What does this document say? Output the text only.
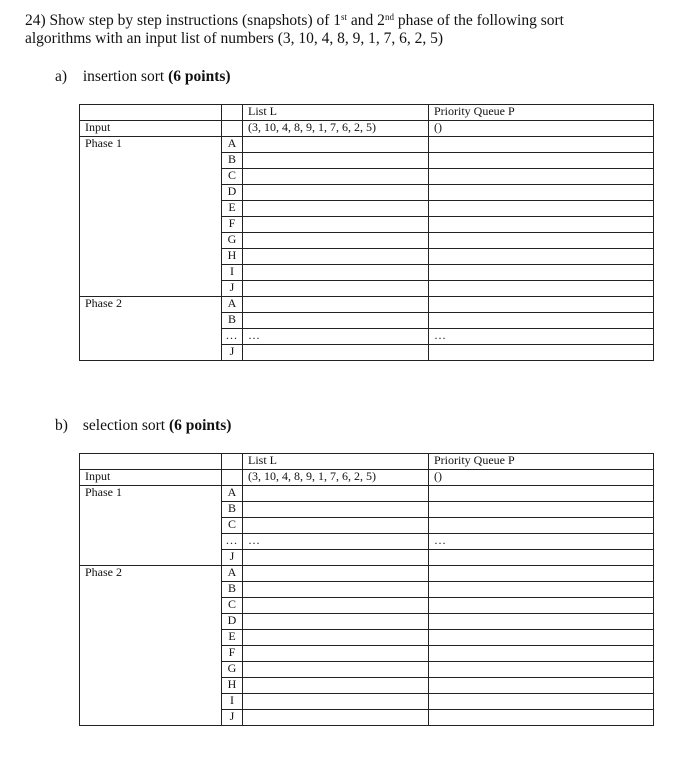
24) Show step by step instructions (snapshots) of 1st and 2nd phase of the following sort
algorithms with an input list of numbers (3, 10, 4, 8, 9, 1, 7, 6, 2, 5)
a) insertion sort (6 points)
		List L	Priority Queue P
Input		(3, 10, 4, 8, 9, 1, 7, 6, 2, 5)	()
Phase 1	A		
	B		
	C		
	D		
	E		
	F		
	G		
	H		
	I		
	J		
Phase 2	A		
	B		
	…	…	…
	J		
b) selection sort (6 points)
		List L	Priority Queue P
Input		(3, 10, 4, 8, 9, 1, 7, 6, 2, 5)	()
Phase 1	A		
	B		
	C		
	…	…	…
	J		
Phase 2	A		
	B		
	C		
	D		
	E		
	F		
	G		
	H		
	I		
	J		
